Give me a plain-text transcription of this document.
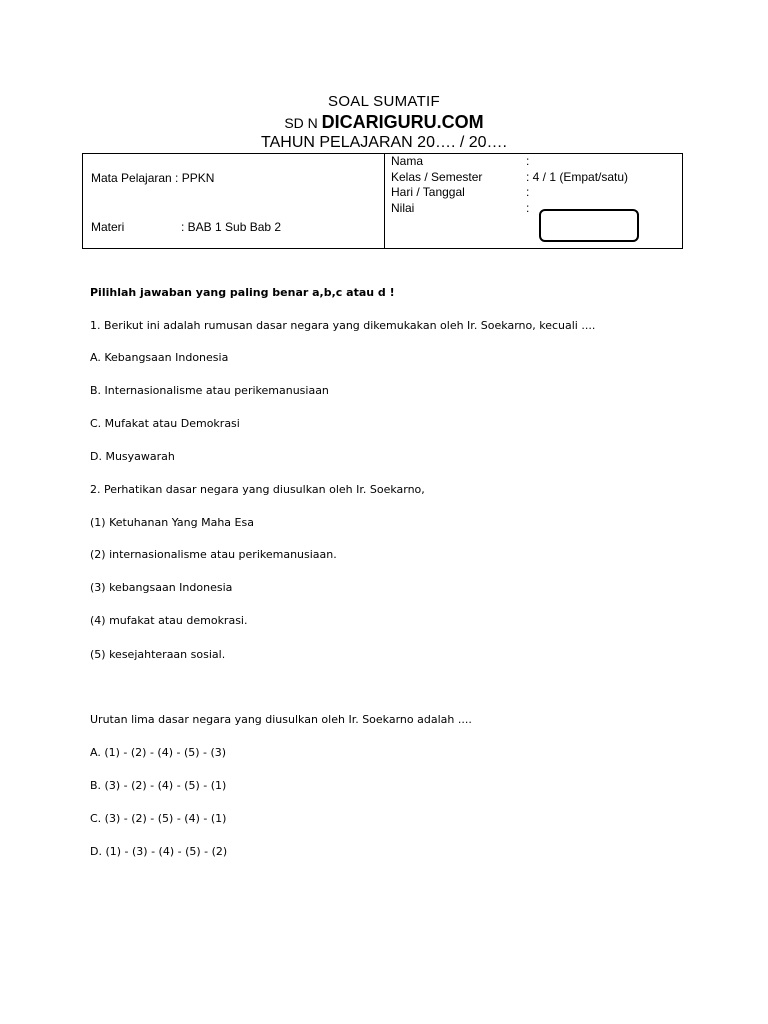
SOAL SUMATIF
SD N DICARIGURU.COM
TAHUN PELAJARAN 20…. / 20….
Mata Pelajaran : PPKN
Materi	: BAB 1 Sub Bab 2
Nama	:
Kelas / Semester	: 4 / 1 (Empat/satu)
Hari / Tanggal	:
Nilai	:
Pilihlah jawaban yang paling benar a,b,c atau d !
1. Berikut ini adalah rumusan dasar negara yang dikemukakan oleh Ir. Soekarno, kecuali ....
A. Kebangsaan Indonesia
B. Internasionalisme atau perikemanusiaan
C. Mufakat atau Demokrasi
D. Musyawarah
2. Perhatikan dasar negara yang diusulkan oleh Ir. Soekarno,
(1) Ketuhanan Yang Maha Esa
(2) internasionalisme atau perikemanusiaan.
(3) kebangsaan Indonesia
(4) mufakat atau demokrasi.
(5) kesejahteraan sosial.
Urutan lima dasar negara yang diusulkan oleh Ir. Soekarno adalah ....
A. (1) - (2) - (4) - (5) - (3)
B. (3) - (2) - (4) - (5) - (1)
C. (3) - (2) - (5) - (4) - (1)
D. (1) - (3) - (4) - (5) - (2)
